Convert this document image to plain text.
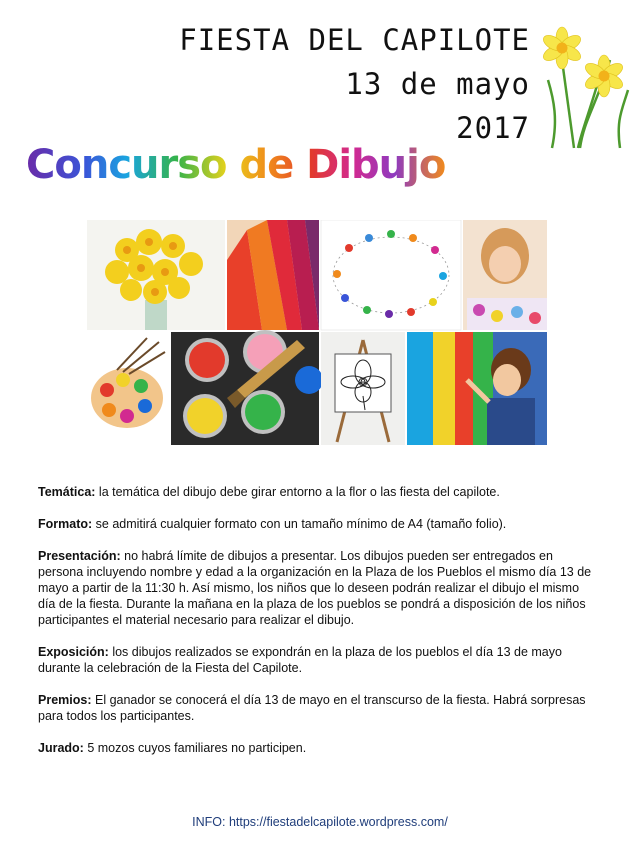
FIESTA DEL CAPILOTE
13 de mayo
2017
Concurso de Dibujo

Temática: la temática del dibujo debe girar entorno a la flor o las fiesta del capilote.

Formato: se admitirá cualquier formato con un tamaño mínimo de A4 (tamaño folio).

Presentación: no habrá límite de dibujos a presentar. Los dibujos pueden ser entregados en persona incluyendo nombre y edad a la organización en la Plaza de los Pueblos el mismo día 13 de mayo a partir de la 11:30 h. Así mismo, los niños que lo deseen podrán realizar el dibujo el mismo día de la fiesta. Durante la mañana en la plaza de los pueblos se pondrá a disposición de los niños participantes el material necesario para realizar el dibujo.

Exposición: los dibujos realizados se expondrán en la plaza de los pueblos el día 13 de mayo durante la celebración de la Fiesta del Capilote.

Premios: El ganador se conocerá el día 13 de mayo en el transcurso de la fiesta. Habrá sorpresas para todos los participantes.

Jurado: 5 mozos cuyos familiares no participen.

INFO: https://fiestadelcapilote.wordpress.com/
